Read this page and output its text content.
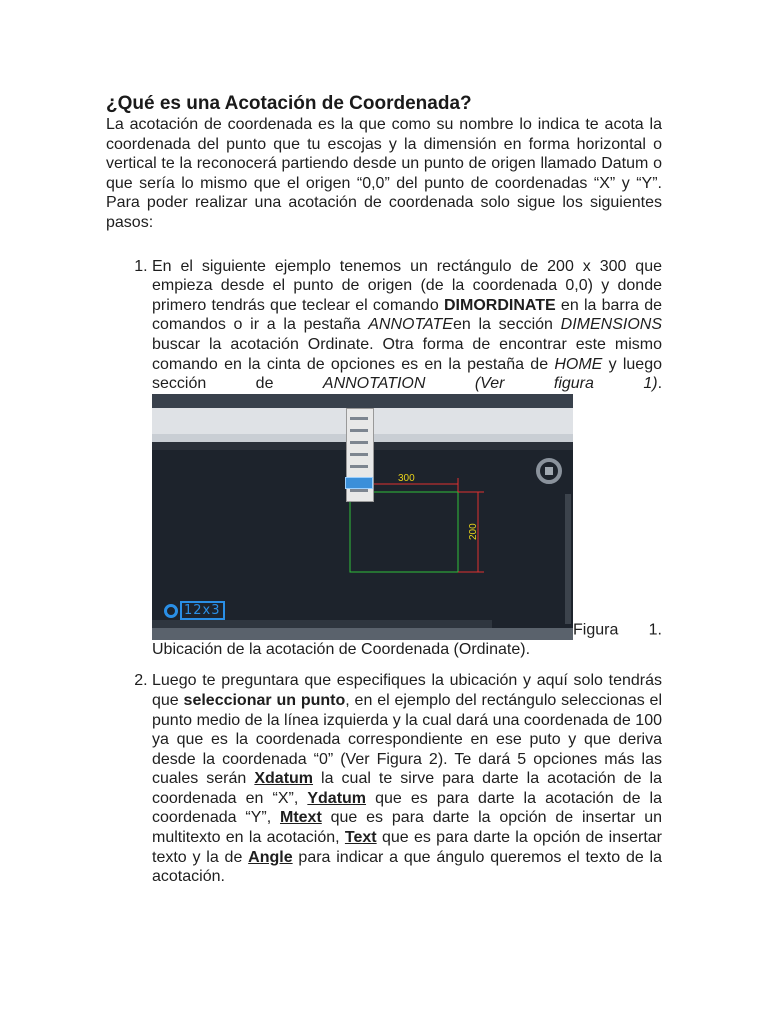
¿Qué es una Acotación de Coordenada?

La acotación de coordenada es la que como su nombre lo indica te acota la coordenada del punto que tu escojas y la dimensión en forma horizontal o vertical te la reconocerá partiendo desde un punto de origen llamado Datum o que sería lo mismo que el origen “0,0” del punto de coordenadas “X” y “Y”. Para poder realizar una acotación de coordenada solo sigue los siguientes pasos:

1. En el siguiente ejemplo tenemos un rectángulo de 200 x 300 que empieza desde el punto de origen (de la coordenada 0,0) y donde primero tendrás que teclear el comando DIMORDINATE en la barra de comandos o ir a la pestaña ANNOTATEen la sección DIMENSIONS buscar la acotación Ordinate. Otra forma de encontrar este mismo comando en la cinta de opciones es en la pestaña de HOME y luego sección de ANNOTATION (Ver figura 1).
300
200
12x3
Figura 1. Ubicación de la acotación de Coordenada (Ordinate).
2. Luego te preguntara que especifiques la ubicación y aquí solo tendrás que seleccionar un punto, en el ejemplo del rectángulo seleccionas el punto medio de la línea izquierda y la cual dará una coordenada de 100 ya que es la coordenada correspondiente en ese puto y que deriva desde la coordenada “0” (Ver Figura 2). Te dará 5 opciones más las cuales serán Xdatum la cual te sirve para darte la acotación de la coordenada en “X”, Ydatum que es para darte la acotación de la coordenada “Y”, Mtext que es para darte la opción de insertar un multitexto en la acotación, Text que es para darte la opción de insertar texto y la de Angle para indicar a que ángulo queremos el texto de la acotación.
